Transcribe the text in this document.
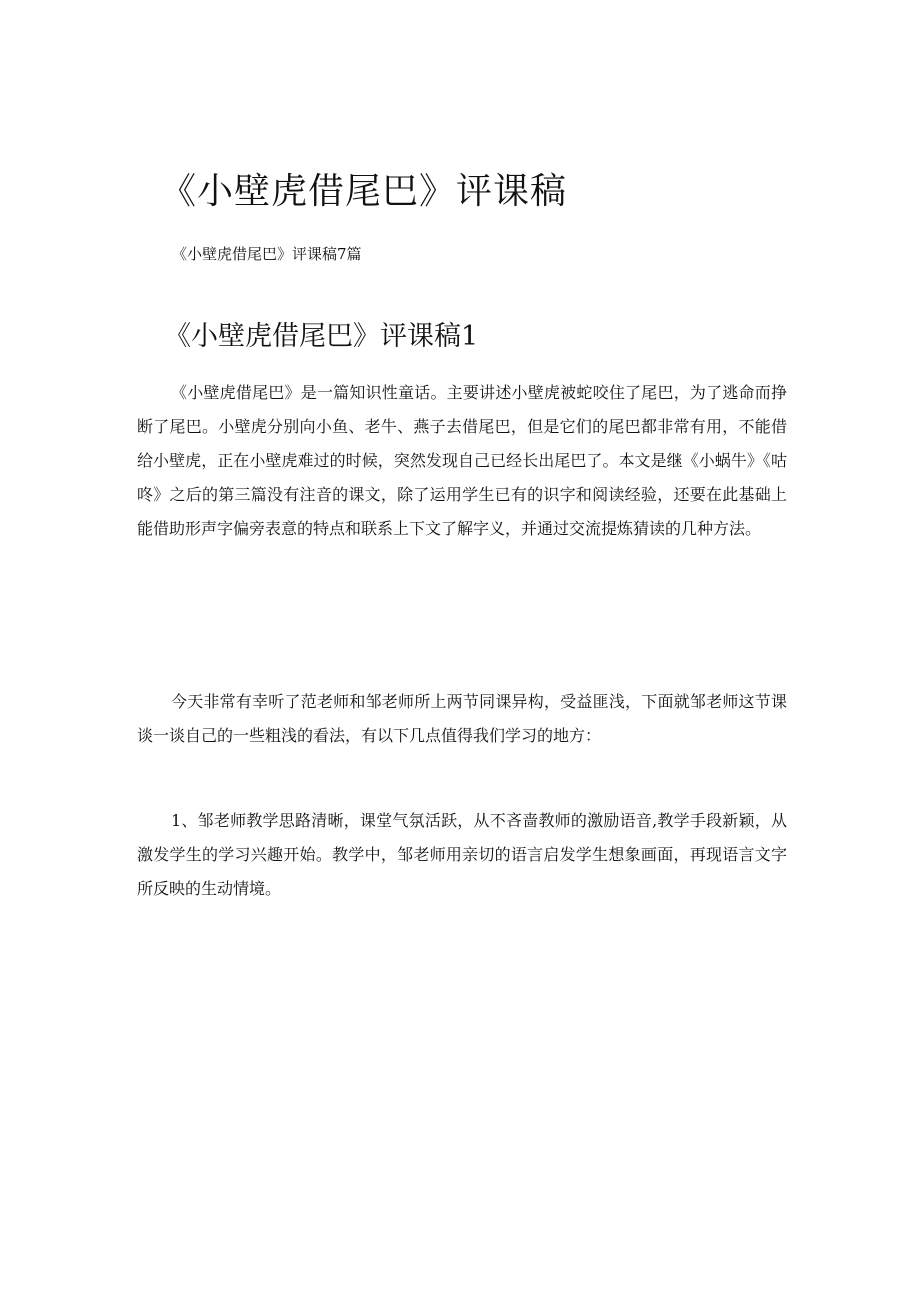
《小壁虎借尾巴》评课稿

《小壁虎借尾巴》评课稿7篇

《小壁虎借尾巴》评课稿1

《小壁虎借尾巴》是一篇知识性童话。主要讲述小壁虎被蛇咬住了尾巴，为了逃命而挣断了尾巴。小壁虎分别向小鱼、老牛、燕子去借尾巴，但是它们的尾巴都非常有用，不能借给小壁虎，正在小壁虎难过的时候，突然发现自己已经长出尾巴了。本文是继《小蜗牛》《咕咚》之后的第三篇没有注音的课文，除了运用学生已有的识字和阅读经验，还要在此基础上能借助形声字偏旁表意的特点和联系上下文了解字义，并通过交流提炼猜读的几种方法。

今天非常有幸听了范老师和邹老师所上两节同课异构，受益匪浅，下面就邹老师这节课谈一谈自己的一些粗浅的看法，有以下几点值得我们学习的地方：

1、邹老师教学思路清晰，课堂气氛活跃，从不吝啬教师的激励语音,教学手段新颖，从激发学生的学习兴趣开始。教学中，邹老师用亲切的语言启发学生想象画面，再现语言文字所反映的生动情境。
